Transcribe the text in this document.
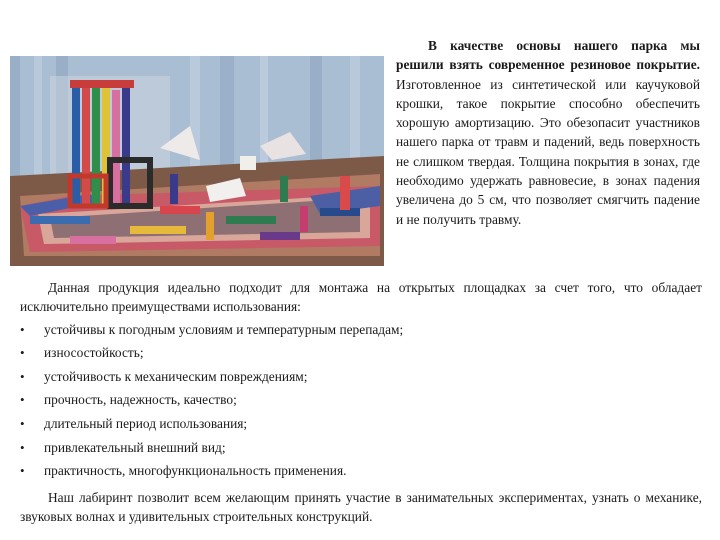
В качестве основы нашего парка мы решили взять современное резиновое покрытие. Изготовленное из синтетической или каучуковой крошки, такое покрытие способно обеспечить хорошую амортизацию. Это обезопасит участников нашего парка от травм и падений, ведь поверхность не слишком твердая. Толщина покрытия в зонах, где необходимо удержать равновесие, в зонах падения увеличена до 5 см, что позволяет смягчить падение и не получить травму.

Данная продукция идеально подходит для монтажа на открытых площадках за счет того, что обладает исключительно преимуществами использования:

• устойчивы к погодным условиям и температурным перепадам;
• износостойкость;
• устойчивость к механическим повреждениям;
• прочность, надежность, качество;
• длительный период использования;
• привлекательный внешний вид;
• практичность, многофункциональность применения.

Наш лабиринт позволит всем желающим принять участие в занимательных экспериментах, узнать о механике, звуковых волнах и удивительных строительных конструкций.
